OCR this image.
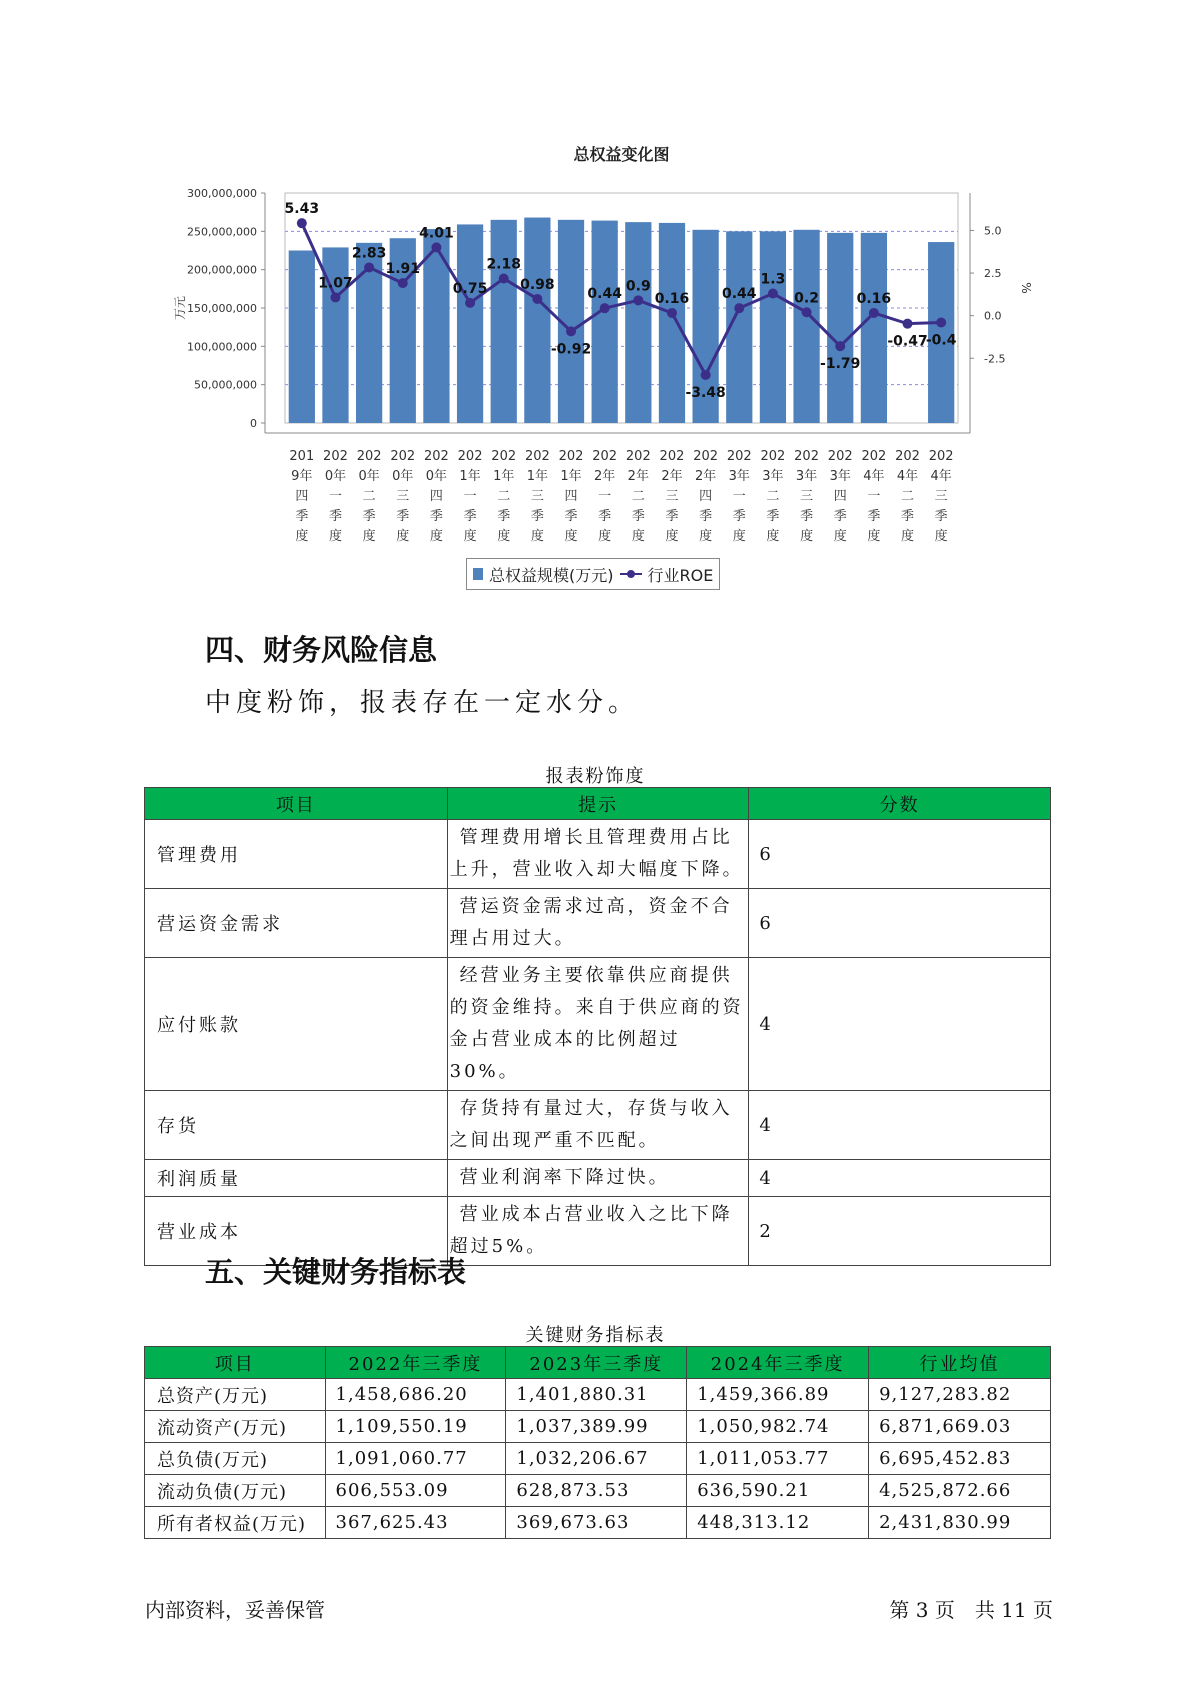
总权益变化图
0
50,000,000
100,000,000
150,000,000
200,000,000
250,000,000
300,000,000
万元
-2.5
0.0
2.5
5.0
%
201
9年
四
季
度
202
0年
一
季
度
202
0年
二
季
度
202
0年
三
季
度
202
0年
四
季
度
202
1年
一
季
度
202
1年
二
季
度
202
1年
三
季
度
202
1年
四
季
度
202
2年
一
季
度
202
2年
二
季
度
202
2年
三
季
度
202
2年
四
季
度
202
3年
一
季
度
202
3年
二
季
度
202
3年
三
季
度
202
3年
四
季
度
202
4年
一
季
度
202
4年
二
季
度
202
4年
三
季
度
5.43
1.07
2.83
1.91
4.01
0.75
2.18
0.98
-0.92
0.44 0.9
0.16
-3.48
0.44
1.3
0.2
-1.79
0.16
-0.47
-0.4
总权益规模(万元) 行业ROE
四、财务风险信息

中度粉饰，报表存在一定水分。

报表粉饰度
项目	提示	分数
管理费用	管理费用增长且管理费用占比上升，营业收入却大幅度下降。	6
营运资金需求	营运资金需求过高，资金不合理占用过大。	6
应付账款	经营业务主要依靠供应商提供的资金维持。来自于供应商的资金占营业成本的比例超过30%。	4
存货	存货持有量过大，存货与收入之间出现严重不匹配。	4
利润质量	营业利润率下降过快。	4
营业成本	营业成本占营业收入之比下降超过5%。	2
五、关键财务指标表
关键财务指标表
项目	2022年三季度	2023年三季度	2024年三季度	行业均值
总资产(万元)	1,458,686.20	1,401,880.31	1,459,366.89	9,127,283.82
流动资产(万元)	1,109,550.19	1,037,389.99	1,050,982.74	6,871,669.03
总负债(万元)	1,091,060.77	1,032,206.67	1,011,053.77	6,695,452.83
流动负债(万元)	606,553.09	628,873.53	636,590.21	4,525,872.66
所有者权益(万元)	367,625.43	369,673.63	448,313.12	2,431,830.99
内部资料，妥善保管	第 3 页　共 11 页
